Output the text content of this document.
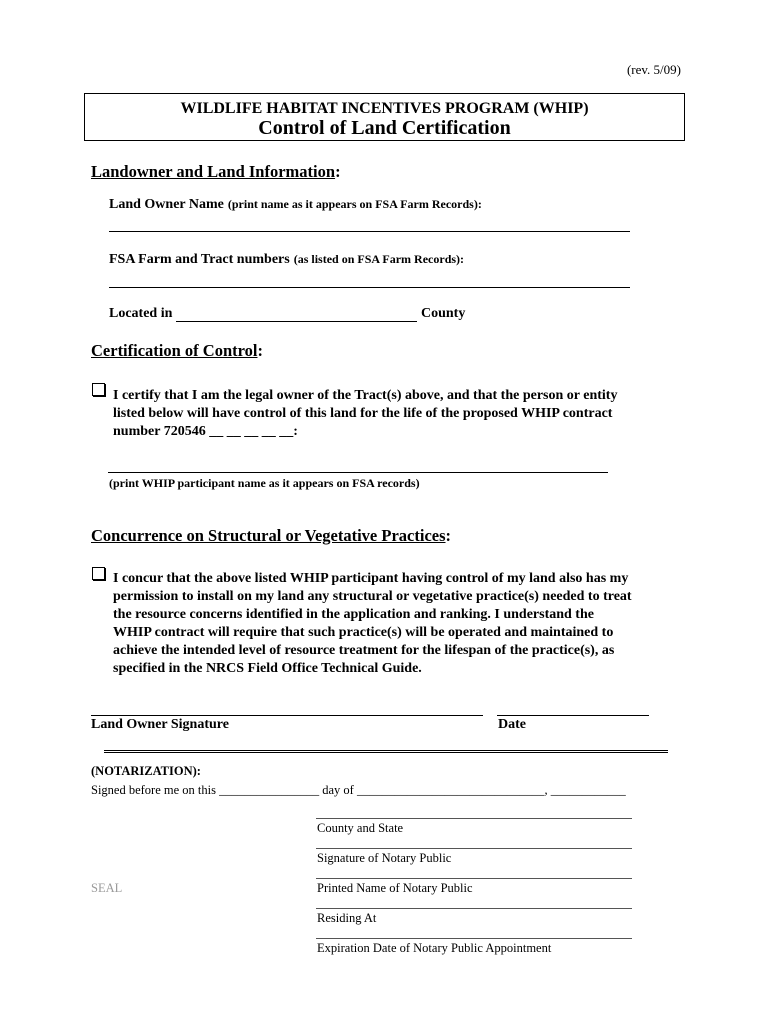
(rev. 5/09)
WILDLIFE HABITAT INCENTIVES PROGRAM (WHIP)
Control of Land Certification
Landowner and Land Information:
Land Owner Name (print name as it appears on FSA Farm Records):
FSA Farm and Tract numbers (as listed on FSA Farm Records):
Located in	County
Certification of Control:
I certify that I am the legal owner of the Tract(s) above, and that the person or entity
listed below will have control of this land for the life of the proposed WHIP contract
number 720546 __ __ __ __ __:
(print WHIP participant name as it appears on FSA records)
Concurrence on Structural or Vegetative Practices:
I concur that the above listed WHIP participant having control of my land also has my
permission to install on my land any structural or vegetative practice(s) needed to treat
the resource concerns identified in the application and ranking. I understand the
WHIP contract will require that such practice(s) will be operated and maintained to
achieve the intended level of resource treatment for the lifespan of the practice(s), as
specified in the NRCS Field Office Technical Guide.
Land Owner Signature	Date
(NOTARIZATION):
Signed before me on this ________________ day of ______________________________, ____________
County and State
Signature of Notary Public
SEAL	Printed Name of Notary Public
Residing At
Expiration Date of Notary Public Appointment
